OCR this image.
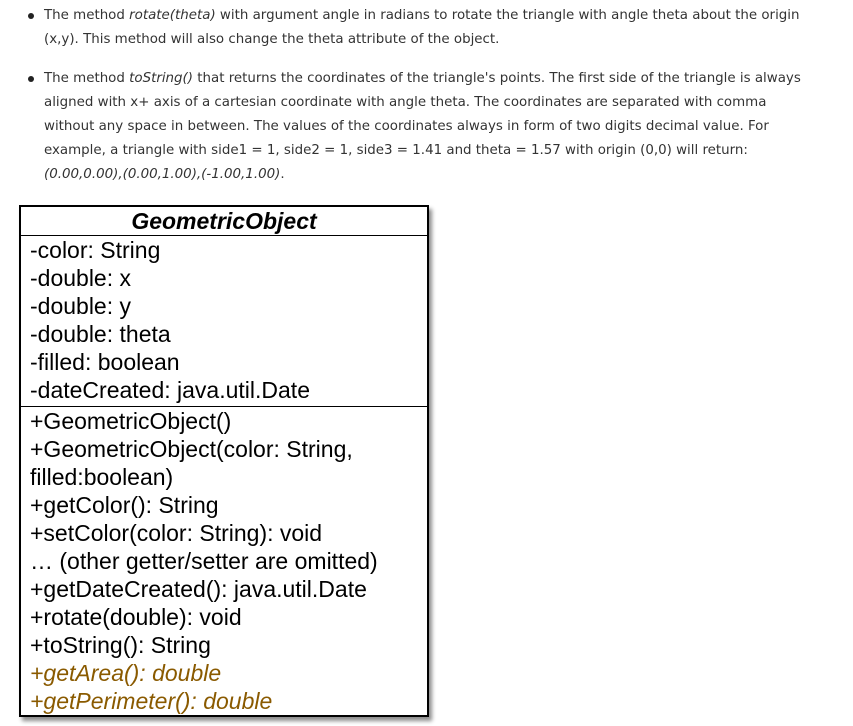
The method rotate(theta) with argument angle in radians to rotate the triangle with angle theta about the origin
(x,y). This method will also change the theta attribute of the object.
The method toString() that returns the coordinates of the triangle's points. The first side of the triangle is always
aligned with x+ axis of a cartesian coordinate with angle theta. The coordinates are separated with comma
without any space in between. The values of the coordinates always in form of two digits decimal value. For
example, a triangle with side1 = 1, side2 = 1, side3 = 1.41 and theta = 1.57 with origin (0,0) will return:
(0.00,0.00),(0.00,1.00),(-1.00,1.00).
GeometricObject
-color: String
-double: x
-double: y
-double: theta
-filled: boolean
-dateCreated: java.util.Date
+GeometricObject()
+GeometricObject(color: String,
filled:boolean)
+getColor(): String
+setColor(color: String): void
… (other getter/setter are omitted)
+getDateCreated(): java.util.Date
+rotate(double): void
+toString(): String
+getArea(): double
+getPerimeter(): double
